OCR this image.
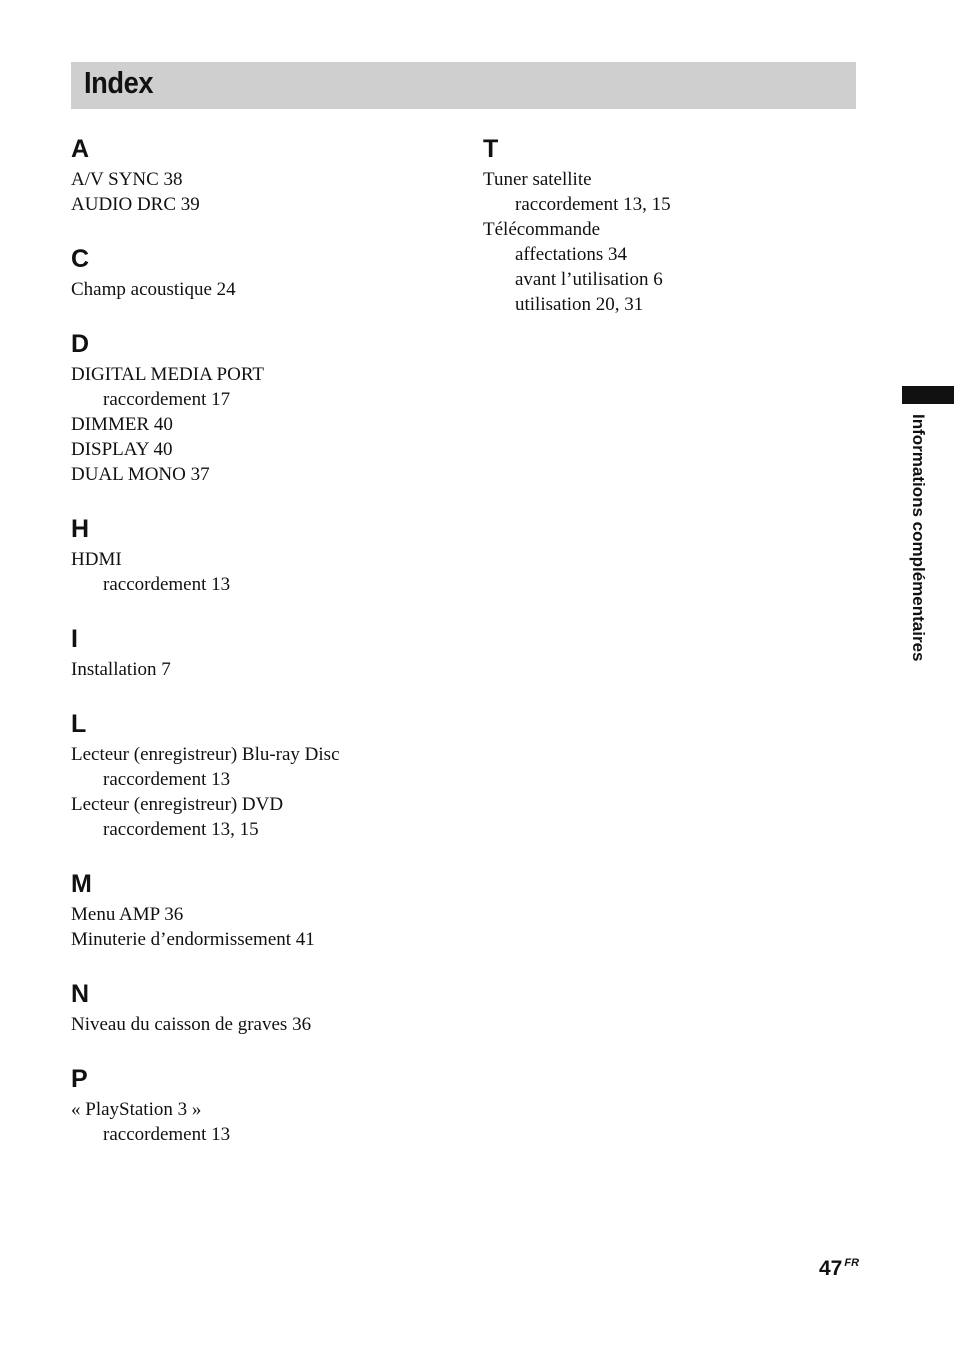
Index
A
A/V SYNC 38
AUDIO DRC 39
C
Champ acoustique 24
D
DIGITAL MEDIA PORT
raccordement 17
DIMMER 40
DISPLAY 40
DUAL MONO 37
H
HDMI
raccordement 13
I
Installation 7
L
Lecteur (enregistreur) Blu-ray Disc
raccordement 13
Lecteur (enregistreur) DVD
raccordement 13, 15
M
Menu AMP 36
Minuterie d’endormissement 41
N
Niveau du caisson de graves 36
P
« PlayStation 3 »
raccordement 13
T
Tuner satellite
raccordement 13, 15
Télécommande
affectations 34
avant l’utilisation 6
utilisation 20, 31
Informations complémentaires
47 $^{FR}$
